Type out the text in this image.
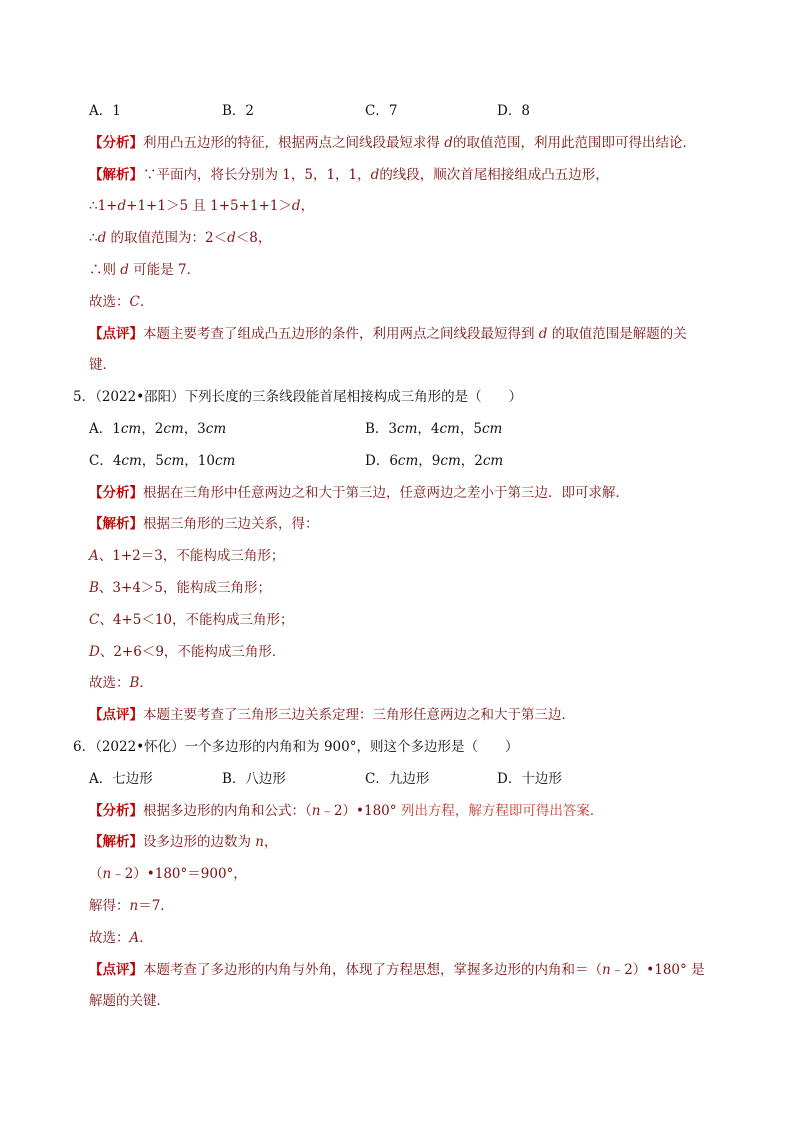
A．1	B．2	C．7	D．8
【分析】利用凸五边形的特征，根据两点之间线段最短求得 d的取值范围，利用此范围即可得出结论．
【解析】∵平面内，将长分别为 1，5，1，1，d的线段，顺次首尾相接组成凸五边形，
∴1+d+1+1＞5 且 1+5+1+1＞d，
∴d 的取值范围为：2＜d＜8，
∴则 d 可能是 7．
故选：C．
【点评】本题主要考查了组成凸五边形的条件，利用两点之间线段最短得到 d 的取值范围是解题的关
键．
5．（2022•邵阳）下列长度的三条线段能首尾相接构成三角形的是（　　）
A．1cm，2cm，3cm	B．3cm，4cm，5cm
C．4cm，5cm，10cm	D．6cm，9cm，2cm
【分析】根据在三角形中任意两边之和大于第三边，任意两边之差小于第三边．即可求解．
【解析】根据三角形的三边关系，得：
A、1+2＝3，不能构成三角形；
B、3+4＞5，能构成三角形；
C、4+5＜10，不能构成三角形；
D、2+6＜9，不能构成三角形．
故选：B．
【点评】本题主要考查了三角形三边关系定理：三角形任意两边之和大于第三边．
6．（2022•怀化）一个多边形的内角和为 900°，则这个多边形是（　　）
A．七边形	B．八边形	C．九边形	D．十边形
【分析】根据多边形的内角和公式：（n﹣2）•180° 列出方程，解方程即可得出答案．
【解析】设多边形的边数为 n，
（n﹣2）•180°＝900°，
解得：n＝7．
故选：A．
【点评】本题考查了多边形的内角与外角，体现了方程思想，掌握多边形的内角和＝（n﹣2）•180° 是
解题的关键．
